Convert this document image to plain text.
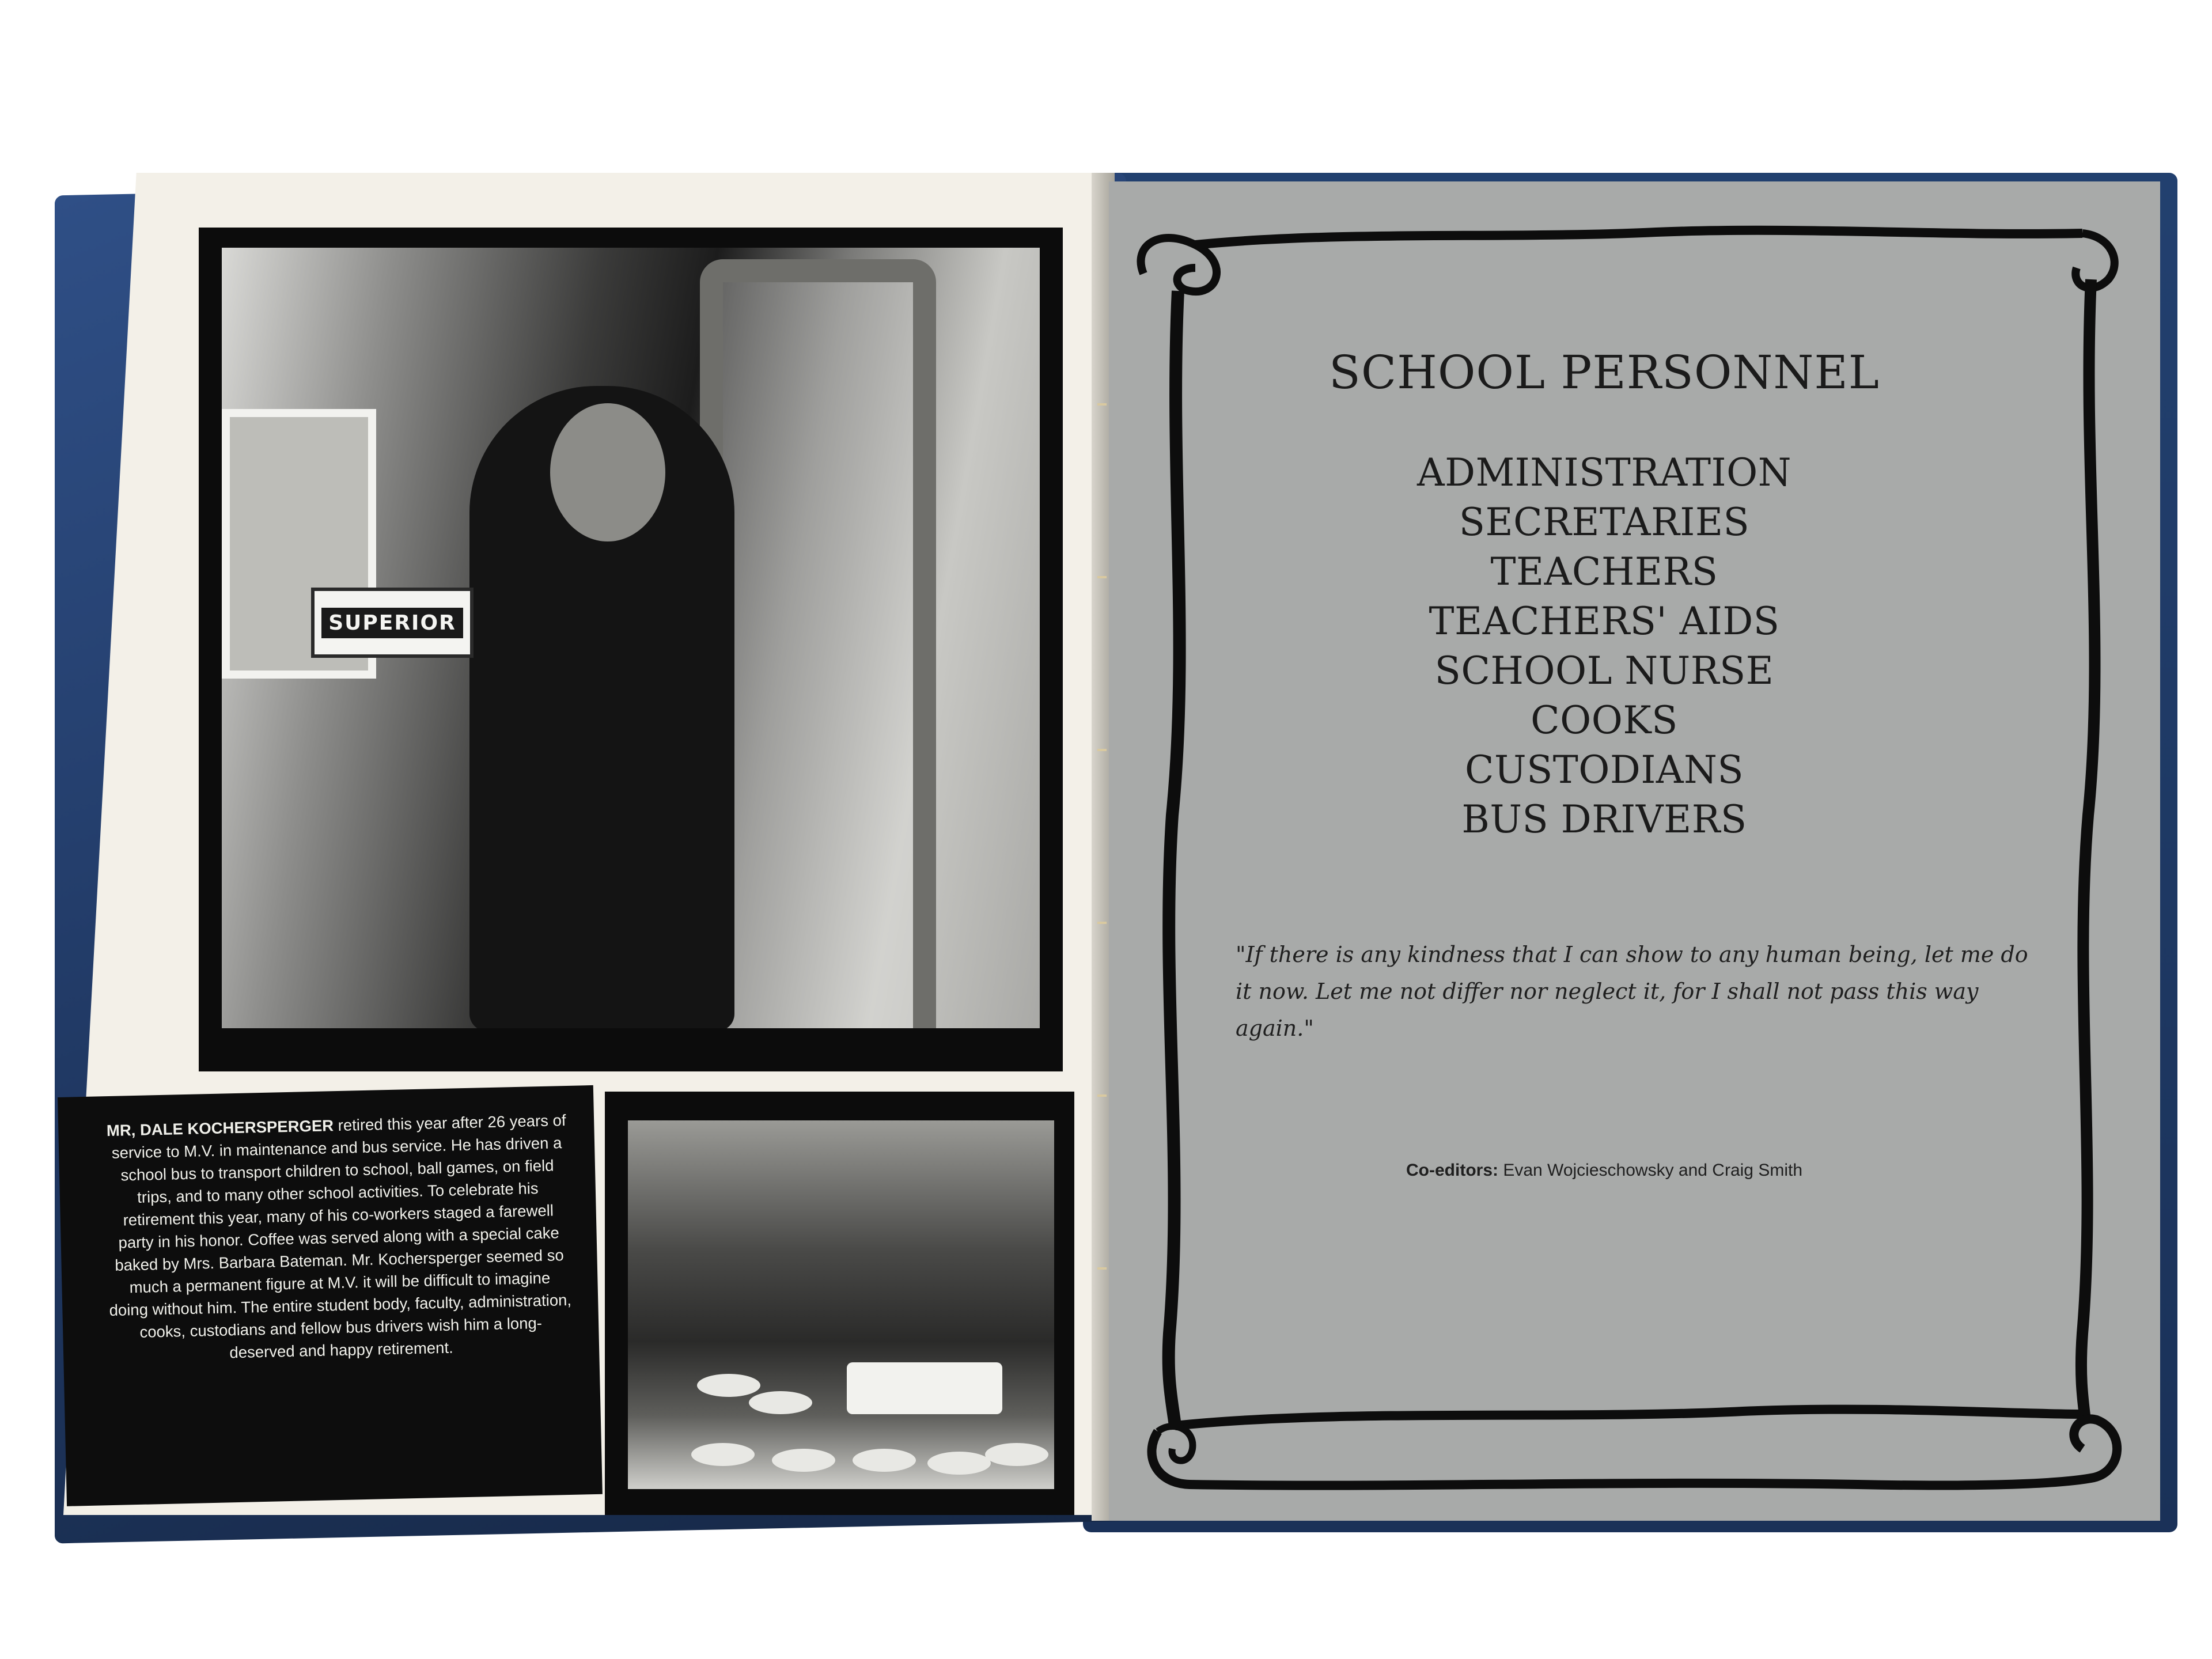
SUPERIOR

MR, DALE KOCHERSPERGER retired this year after 26 years of service to M.V. in maintenance and bus service. He has driven a school bus to transport children to school, ball games, on field trips, and to many other school activities. To celebrate his retirement this year, many of his co-workers staged a farewell party in his honor. Coffee was served along with a special cake baked by Mrs. Barbara Bateman. Mr. Kochersperger seemed so much a permanent figure at M.V. it will be difficult to imagine doing without him. The entire student body, faculty, administration, cooks, custodians and fellow bus drivers wish him a long-deserved and happy retirement.

SCHOOL PERSONNEL
ADMINISTRATION
SECRETARIES
TEACHERS
TEACHERS' AIDS
SCHOOL NURSE
COOKS
CUSTODIANS
BUS DRIVERS

"If there is any kindness that I can show to any human being, let me do it now. Let me not differ nor neglect it, for I shall not pass this way again."

Co-editors: Evan Wojcieschowsky and Craig Smith
